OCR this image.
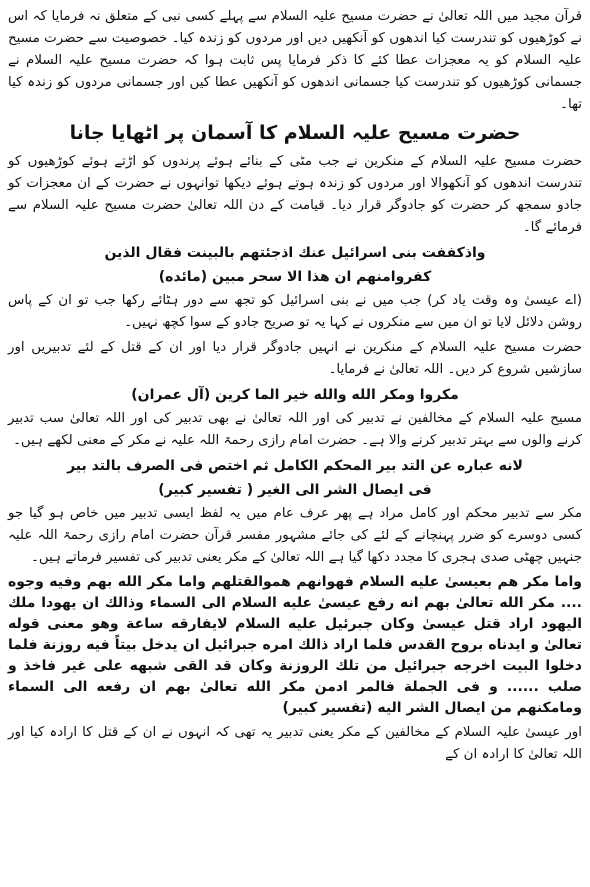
قرآن مجید میں اللہ تعالیٰ نے حضرت مسیح علیہ السلام سے پہلے کسی نبی کے متعلق نہ فرمایا کہ اس نے کوڑھیوں کو تندرست کیا اندھوں کو آنکھیں دیں اور مردوں کو زندہ کیا۔ خصوصیت سے حضرت مسیح علیہ السلام کو یہ معجزات عطا کئے کا ذکر فرمایا پس ثابت ہوا کہ حضرت مسیح علیہ السلام نے جسمانی کوڑھیوں کو تندرست کیا جسمانی اندھوں کو آنکھیں عطا کیں اور جسمانی مردوں کو زندہ کیا تھا۔

حضرت مسیح علیہ السلام کا آسمان پر اٹھایا جانا

حضرت مسیح علیہ السلام کے منکرین نے جب مٹی کے بنائے ہوئے پرندوں کو اڑتے ہوئے کوڑھیوں کو تندرست اندھوں کو آنکھوالا اور مردوں کو زندہ ہوتے ہوئے دیکھا توانہوں نے حضرت کے ان معجزات کو جادو سمجھ کر حضرت کو جادوگر قرار دیا۔ قیامت کے دن اللہ تعالیٰ حضرت مسیح علیہ السلام سے فرمائے گا۔

واذكففت بنى اسرائيل عنك اذجئتهم بالبينت فقال الذين
كفروامنهم ان هذا الا سحر مبين (مائده)

(اے عیسیٰ وہ وقت یاد کر) جب میں نے بنی اسرائیل کو تجھ سے دور ہٹائے رکھا جب تو ان کے پاس روشن دلائل لایا تو ان میں سے منکروں نے کہا یہ تو صریح جادو کے سوا کچھ نہیں۔

حضرت مسیح علیہ السلام کے منکرین نے انہیں جادوگر قرار دیا اور ان کے قتل کے لئے تدبیریں اور سازشیں شروع کر دیں۔ اللہ تعالیٰ نے فرمایا۔

مكروا ومكر الله والله خير الما كرين (آل عمران)

مسیح علیہ السلام کے مخالفین نے تدبیر کی اور اللہ تعالیٰ نے بھی تدبیر کی اور اللہ تعالیٰ سب تدبیر کرنے والوں سے بہتر تدبیر کرنے والا ہے۔ حضرت امام رازی رحمۃ اللہ علیہ نے مکر کے معنی لکھے ہیں۔

لانه عباره عن التد بير المحكم الكامل ثم اختص فى الصرف بالتد بير
فى ايصال الشر الى الغير ( تفسير كبير)

مکر سے تدبیر محکم اور کامل مراد ہے پھر عرف عام میں یہ لفظ ایسی تدبیر میں خاص ہو گیا جو کسی دوسرے کو ضرر پہنچانے کے لئے کی جائے مشہور مفسر قرآن حضرت امام رازی رحمۃ اللہ علیہ جنہیں چھٹی صدی ہجری کا مجدد دکھا گیا ہے اللہ تعالیٰ کے مکر یعنی تدبیر کی تفسیر فرماتے ہیں۔

واما مكر هم بعيسىٰ عليه السلام فهوانهم هموالقتلهم واما مكر الله بهم وفيه وجوه .... مكر الله تعالىٰ بهم انه رفع عيسىٰ عليه السلام الى السماء وذالك ان يهودا ملك اليهود اراد قتل عيسىٰ وكان جبرئيل عليه السلام لايفارقه ساعة وهو معنى قوله تعالىٰ و ايدناه بروح القدس فلما اراد ذالك امره جبرائيل ان يدخل بيتاً فيه روزنة فلما دخلوا البيت اخرجه جبرائيل من تلك الروزنة وكان قد القى شبهه على غير فاخذ و صلب ...... و فى الجملة فالمر ادمن مكر الله تعالىٰ بهم ان رفعه الى السماء ومامكنهم من ايصال الشر اليه (تفسير كبير)

اور عیسیٰ علیہ السلام کے مخالفین کے مکر یعنی تدبیر یہ تھی کہ انہوں نے ان کے قتل کا ارادہ کیا اور اللہ تعالیٰ کا ارادہ ان کے
